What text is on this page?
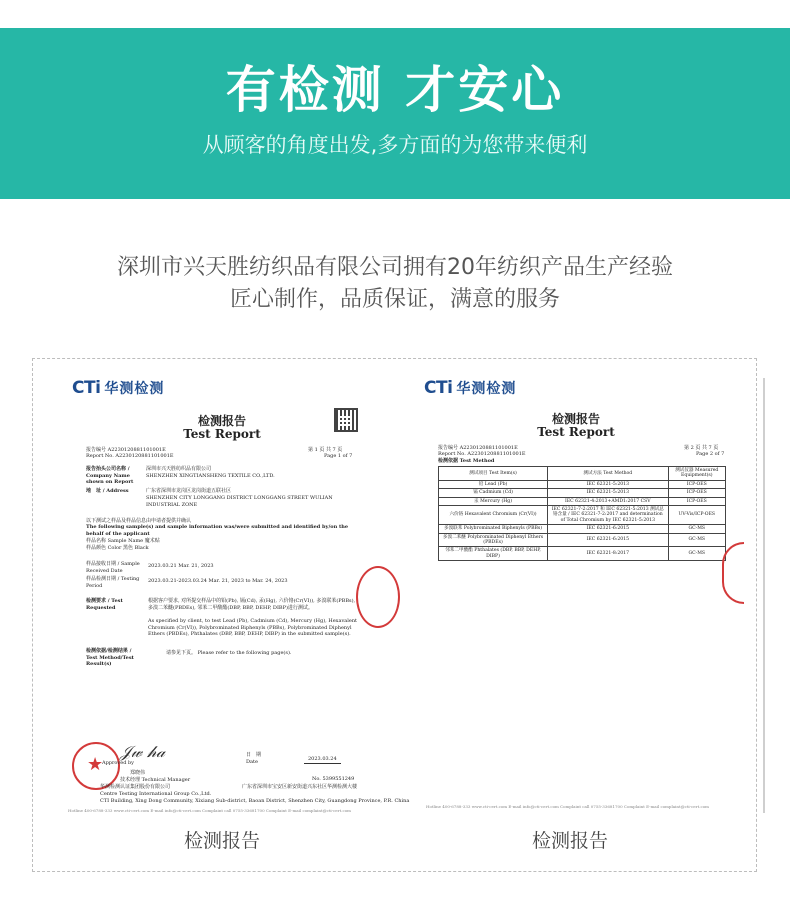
有检测 才安心
从顾客的角度出发,多方面的为您带来便利
深圳市兴天胜纺织品有限公司拥有20年纺织产品生产经验
匠心制作，品质保证，满意的服务
CTi 华测检测
检测报告
Test Report
报告编号 A2230120881101001E
Report No. A2230120881101001E
第 1 页 共 7 页
Page 1 of 7
报告抬头公司名称 / Company Name shown on Report
深圳市兴天胜纺织品有限公司
SHENZHEN XINGTIANSHENG TEXTILE CO.,LTD.
地　址 / Address	广东省深圳市龙岗区龙岗街道五联社区
SHENZHEN CITY LONGGANG DISTRICT LONGGANG STREET WULIAN INDUSTRIAL ZONE
以下测试之样品及样品信息由申请者提供并确认
The following sample(s) and sample information was/were submitted and identified by/on the behalf of the applicant
样品名称 Sample Name 魔术贴
样品颜色 Color 黑色 Black
样品接收日期 / Sample Received Date
2023.03.21 Mar. 21, 2023
样品检测日期 / Testing Period
2023.03.21-2023.03.24 Mar. 21, 2023 to Mar. 24, 2023
检测要求 / Test Requested
根据客户要求, 对所提交样品中的铅(Pb), 镉(Cd), 汞(Hg), 六价铬(Cr(VI)), 多溴联苯(PBBs), 多溴二苯醚(PBDEs), 邻苯二甲酸酯(DBP, BBP, DEHP, DIBP)进行测试。
As specified by client, to test Lead (Pb), Cadmium (Cd), Mercury (Hg), Hexavalent Chromium (Cr(VI)), Polybrominated Biphenyls (PBBs), Polybrominated Diphenyl Ethers (PBDEs), Phthalates (DBP, BBP, DEHP, DIBP) in the submitted sample(s).
检测依据/检测结果 / Test Method/Test Result(s)
请参见下页。 Please refer to the following page(s).
★
𝒥𝓌 𝒽𝒶
Approved by
郑晓伟
技术经理 Technical Manager
日　期
Date	2023.03.24
No. 5399551249
华测检测认证集团股份有限公司	广东省深圳市宝安区新安街道兴东社区华测检测大楼
Centre Testing International Group Co.,Ltd.
CTI Building, Xing Dong Community, Xixiang Sub-district, Baoan District, Shenzhen City, Guangdong Province, P.R. China
Hotline 400-6788-333 www.cti-cert.com E-mail info@cti-cert.com Complaint call 0755-33681700 Complaint E-mail complaint@cti-cert.com
CTi 华测检测
检测报告
Test Report
报告编号 A2230120881101001E
Report No. A2230120881101001E
第 2 页 共 7 页
Page 2 of 7
检测依据 Test Method
测试项目 Test Item(s)	测试方法 Test Method	测试仪器 Measured Equipment(s)
铅 Lead (Pb)	IEC 62321-5:2013	ICP-OES
镉 Cadmium (Cd)	IEC 62321-5:2013	ICP-OES
汞 Mercury (Hg)	IEC 62321-4:2013+AMD1:2017 CSV	ICP-OES
六价铬 Hexavalent Chromium (Cr(VI))	IEC 62321-7-2:2017 和 IEC 62321-5:2013 测试总铬含量 / IEC 62321-7-2:2017 and determination of Total Chromium by IEC 62321-5:2013	UV-Vis/ICP-OES
多溴联苯 Polybrominated Biphenyls (PBBs)	IEC 62321-6:2015	GC-MS
多溴二苯醚 Polybrominated Diphenyl Ethers (PBDEs)	IEC 62321-6:2015	GC-MS
邻苯二甲酸酯 Phthalates (DBP, BBP, DEHP, DIBP)	IEC 62321-8:2017	GC-MS
Hotline 400-6788-333 www.cti-cert.com E-mail info@cti-cert.com Complaint call 0755-33681700 Complaint E-mail complaint@cti-cert.com
检测报告	检测报告
